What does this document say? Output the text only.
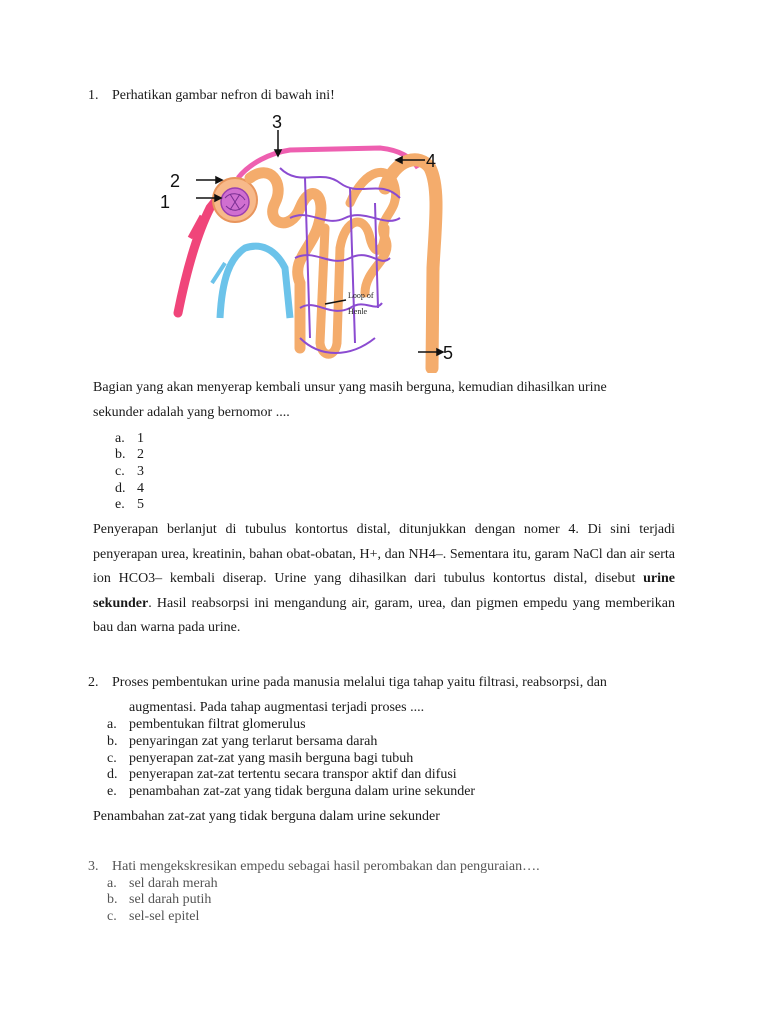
1. Perhatikan gambar nefron di bawah ini!
1
2
3
4
5
Loop of
Henle
Bagian yang akan menyerap kembali unsur yang masih berguna, kemudian dihasilkan urine
sekunder adalah yang bernomor ....
a. 1
b. 2
c. 3
d. 4
e. 5
Penyerapan berlanjut di tubulus kontortus distal, ditunjukkan dengan nomer 4. Di sini terjadi penyerapan urea, kreatinin, bahan obat-obatan, H+, dan NH4–. Sementara itu, garam NaCl dan air serta ion HCO3– kembali diserap. Urine yang dihasilkan dari tubulus kontortus distal, disebut urine sekunder. Hasil reabsorpsi ini mengandung air, garam, urea, dan pigmen empedu yang memberikan bau dan warna pada urine.
2. Proses pembentukan urine pada manusia melalui tiga tahap yaitu filtrasi, reabsorpsi, dan
augmentasi. Pada tahap augmentasi terjadi proses ....
a. pembentukan filtrat glomerulus
b. penyaringan zat yang terlarut bersama darah
c. penyerapan zat-zat yang masih berguna bagi tubuh
d. penyerapan zat-zat tertentu secara transpor aktif dan difusi
e. penambahan zat-zat yang tidak berguna dalam urine sekunder
Penambahan zat-zat yang tidak berguna dalam urine sekunder
3. Hati mengekskresikan empedu sebagai hasil perombakan dan penguraian….
a. sel darah merah
b. sel darah putih
c. sel-sel epitel
